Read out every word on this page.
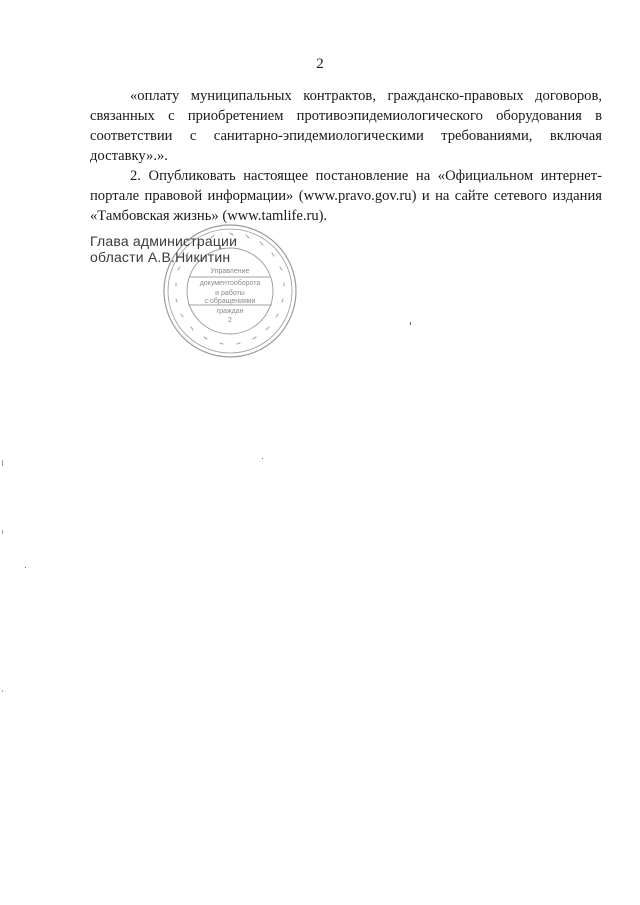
2

«оплату муниципальных контрактов, гражданско-правовых договоров, связанных с приобретением противоэпидемиологического оборудования в соответствии с санитарно-эпидемиологическими требованиями, включая доставку».».

2. Опубликовать настоящее постановление на «Официальном интернет-портале правовой информации» (www.pravo.gov.ru) и на сайте сетевого издания «Тамбовская жизнь» (www.tamlife.ru).

Управление
документооборота
и работы
с обращениями
граждан
2
Глава администрации
области А.В.Никитин
